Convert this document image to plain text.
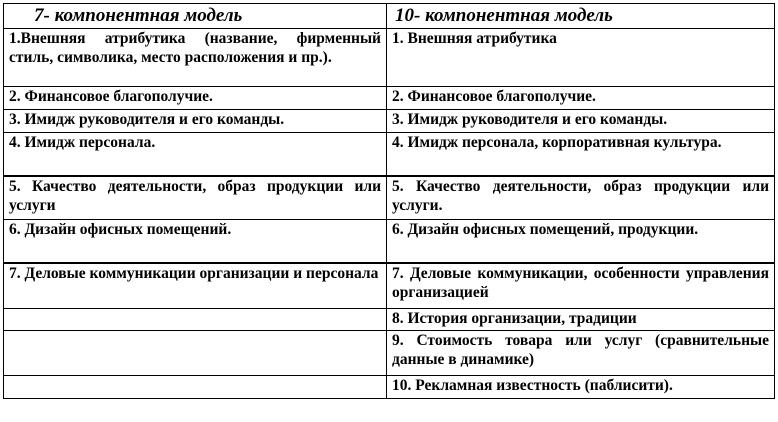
7- компонентная модель	10- компонентная модель
1.Внешняя атрибутика (название, фирменный стиль, символика, место расположения и пр.).	1. Внешняя атрибутика
2. Финансовое благополучие.	2. Финансовое благополучие.
3. Имидж руководителя и его команды.	3. Имидж руководителя и его команды.
4. Имидж персонала.	4. Имидж персонала, корпоративная культура.
5. Качество деятельности, образ продукции или услуги	5. Качество деятельности, образ продукции или услуги.
6. Дизайн офисных помещений.	6. Дизайн офисных помещений, продукции.
7. Деловые коммуникации организации и персонала	7. Деловые коммуникации, особенности управления организацией
	8. История организации, традиции
	9. Стоимость товара или услуг (сравнительные данные в динамике)
	10. Рекламная известность (паблисити).
